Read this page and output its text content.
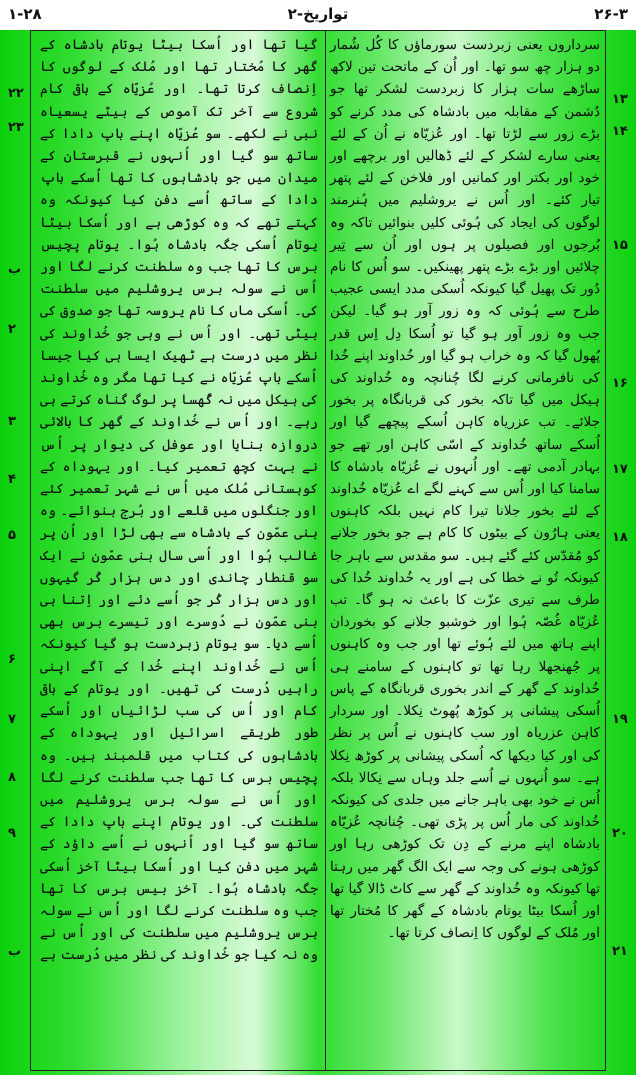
۱-۲۸	۲-تواریخ	۲۶-۳
سرداروں یعنی زبردست سورماؤں کا کُل شُمار دو ہزار چھ سو تھا۔ اور اُن کے ماتحت تین لاکھ ساڑھے سات ہزار کا زبردست لشکر تھا جو دُشمن کے مقابلہ میں بادشاہ کی مدد کرنے کو بڑے زور سے لڑتا تھا۔ اور عُزیّاہ نے اُن کے لئے یعنی سارے لشکر کے لئے ڈھالیں اور برچھے اور خود اور بکتر اور کمانیں اور فلاخن کے لئے پتھر تیار کئے۔ اور اُس نے یروشلیم میں ہُنرمند لوگوں کی ایجاد کی ہُوئی کلیں بنوائیں تاکہ وہ بُرجوں اور فصیلوں پر ہوں اور اُن سے تِیر چلائیں اور بڑے بڑے پتھر پھینکیں۔ سو اُس کا نام دُور تک پھیل گیا کیونکہ اُسکی مدد ایسی عجیب طرح سے ہُوئی کہ وہ زور آور ہو گیا۔ لیکن جب وہ زور آور ہو گیا تو اُسکا دِل اِس قدر پُھول گیا کہ وہ خراب ہو گیا اور خُداوند اپنے خُدا کی نافرمانی کرنے لگا چُنانچہ وہ خُداوند کی ہیکل میں گیا تاکہ بخور کی قربانگاہ پر بخور جلائے۔ تب عزریاہ کاہن اُسکے پیچھے گیا اور اُسکے ساتھ خُداوند کے اسّی کاہن اور تھے جو بہادر آدمی تھے۔ اور اُنہوں نے عُزیّاہ بادشاہ کا سامنا کیا اور اُس سے کہنے لگے اے عُزیّاہ خُداوند کے لئے بخور جلانا تیرا کام نہیں بلکہ کاہنوں یعنی ہارُون کے بیٹوں کا کام ہے جو بخور جلانے کو مُقدّس کئے گئے ہیں۔ سو مقدس سے باہر جا کیونکہ تُو نے خطا کی ہے اور یہ خُداوند خُدا کی طرف سے تیری عزّت کا باعث نہ ہو گا۔ تب عُزیّاہ غُصّہ ہُوا اور خوشبو جلانے کو بخوردان اپنے ہاتھ میں لئے ہُوئے تھا اور جب وہ کاہنوں پر جُھنجھلا رہا تھا تو کاہنوں کے سامنے ہی خُداوند کے گھر کے اندر بخوری قربانگاہ کے پاس اُسکی پیشانی پر کوڑھ پُھوٹ نِکلا۔ اور سردار کاہن عزریاہ اور سب کاہنوں نے اُس پر نظر کی اور کیا دیکھا کہ اُسکی پیشانی پر کوڑھ نِکلا ہے۔ سو اُنہوں نے اُسے جلد وہاں سے نِکالا بلکہ اُس نے خود بھی باہر جانے میں جلدی کی کیونکہ خُداوند کی مار اُس پر پڑی تھی۔ چُنانچہ عُزیّاہ بادشاہ اپنے مرنے کے دِن تک کوڑھی رہا اور کوڑھی ہونے کی وجہ سے ایک الگ گھر میں رہتا تھا کیونکہ وہ خُداوند کے گھر سے کاٹ ڈالا گیا تھا اور اُسکا بیٹا یوتام بادشاہ کے گھر کا مُختار تھا اور مُلک کے لوگوں کا اِنصاف کرتا تھا۔
گیا تھا اور اُسکا بیٹا یوتام بادشاہ کے گھر کا مُختار تھا اور مُلک کے لوگوں کا اِنصاف کرتا تھا۔ اور عُزیّاہ کے باقی کام شروع سے آخر تک آموص کے بیٹے یسعیاہ نبی نے لکھے۔ سو عُزیّاہ اپنے باپ دادا کے ساتھ سو گیا اور اُنہوں نے قبرستان کے میدان میں جو بادشاہوں کا تھا اُسکے باپ دادا کے ساتھ اُسے دفن کیا کیونکہ وہ کہتے تھے کہ وہ کوڑھی ہے اور اُسکا بیٹا یوتام اُسکی جگہ بادشاہ ہُوا۔ یوتام پچیس برس کا تھا جب وہ سلطنت کرنے لگا اور اُس نے سولہ برس یروشلیم میں سلطنت کی۔ اُسکی ماں کا نام یروسہ تھا جو صدوق کی بیٹی تھی۔ اور اُس نے وہی جو خُداوند کی نظر میں درست ہے ٹھیک ایسا ہی کیا جیسا اُسکے باپ عُزیّاہ نے کیا تھا مگر وہ خُداوند کی ہیکل میں نہ گُھسا پر لوگ گناہ کرتے ہی رہے۔ اور اُس نے خُداوند کے گھر کا بالائی دروازہ بنایا اور عوفل کی دیوار پر اُس نے بہت کچھ تعمیر کیا۔ اور یہوداہ کے کوہستانی مُلک میں اُس نے شہر تعمیر کئے اور جنگلوں میں قلعے اور بُرج بنوائے۔ وہ بنی عمّون کے بادشاہ سے بھی لڑا اور اُن پر غالب ہُوا اور اُسی سال بنی عمّون نے ایک سو قنطار چاندی اور دس ہزار کُر گیہوں اور دس ہزار کُر جو اُسے دئے اور اِتنا ہی بنی عمّون نے دُوسرے اور تیسرے برس بھی اُسے دیا۔ سو یوتام زبردست ہو گیا کیونکہ اُس نے خُداوند اپنے خُدا کے آگے اپنی راہیں دُرست کی تھیں۔ اور یوتام کے باقی کام اور اُس کی سب لڑائیاں اور اُسکے طور طریقے اسرائیل اور یہوداہ کے بادشاہوں کی کتاب میں قلمبند ہیں۔ وہ پچیس برس کا تھا جب سلطنت کرنے لگا اور اُس نے سولہ برس یروشلیم میں سلطنت کی۔ اور یوتام اپنے باپ دادا کے ساتھ سو گیا اور اُنہوں نے اُسے داؤد کے شہر میں دفن کیا اور اُسکا بیٹا آخز اُسکی جگہ بادشاہ ہُوا۔ آخز بیس برس کا تھا جب وہ سلطنت کرنے لگا اور اُس نے سولہ برس یروشلیم میں سلطنت کی اور اُس نے وہ نہ کیا جو خُداوند کی نظر میں دُرست ہے
۱۳
۱۴
۱۵
۱۶
۱۷
۱۸
۱۹
۲۰
۲۱
۲۲
۲۳
ب
۲
۳
۴
۵
۶
۷
۸
۹
ب
